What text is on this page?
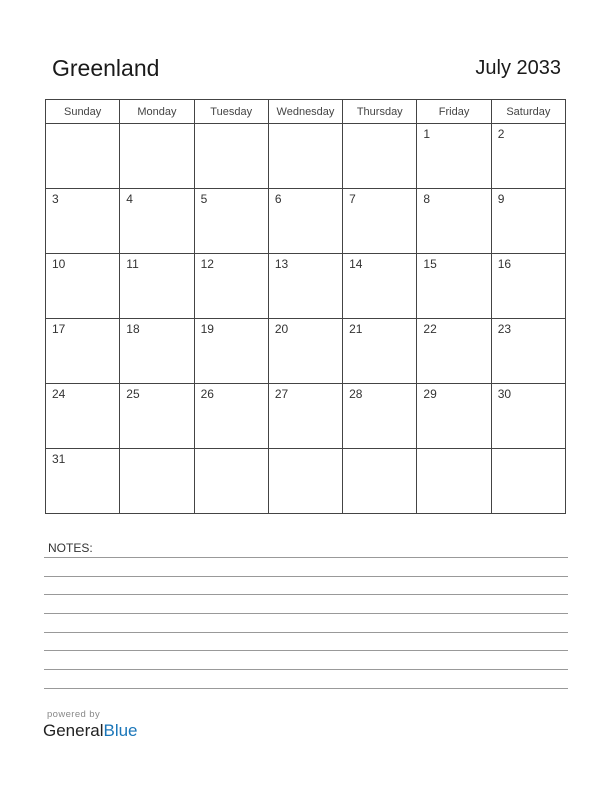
Greenland	July 2033
Sunday	Monday	Tuesday	Wednesday	Thursday	Friday	Saturday

					1	2

3	4	5	6	7	8	9

10	11	12	13	14	15	16

17	18	19	20	21	22	23

24	25	26	27	28	29	30

31						

NOTES:
powered by
GeneralBlue
